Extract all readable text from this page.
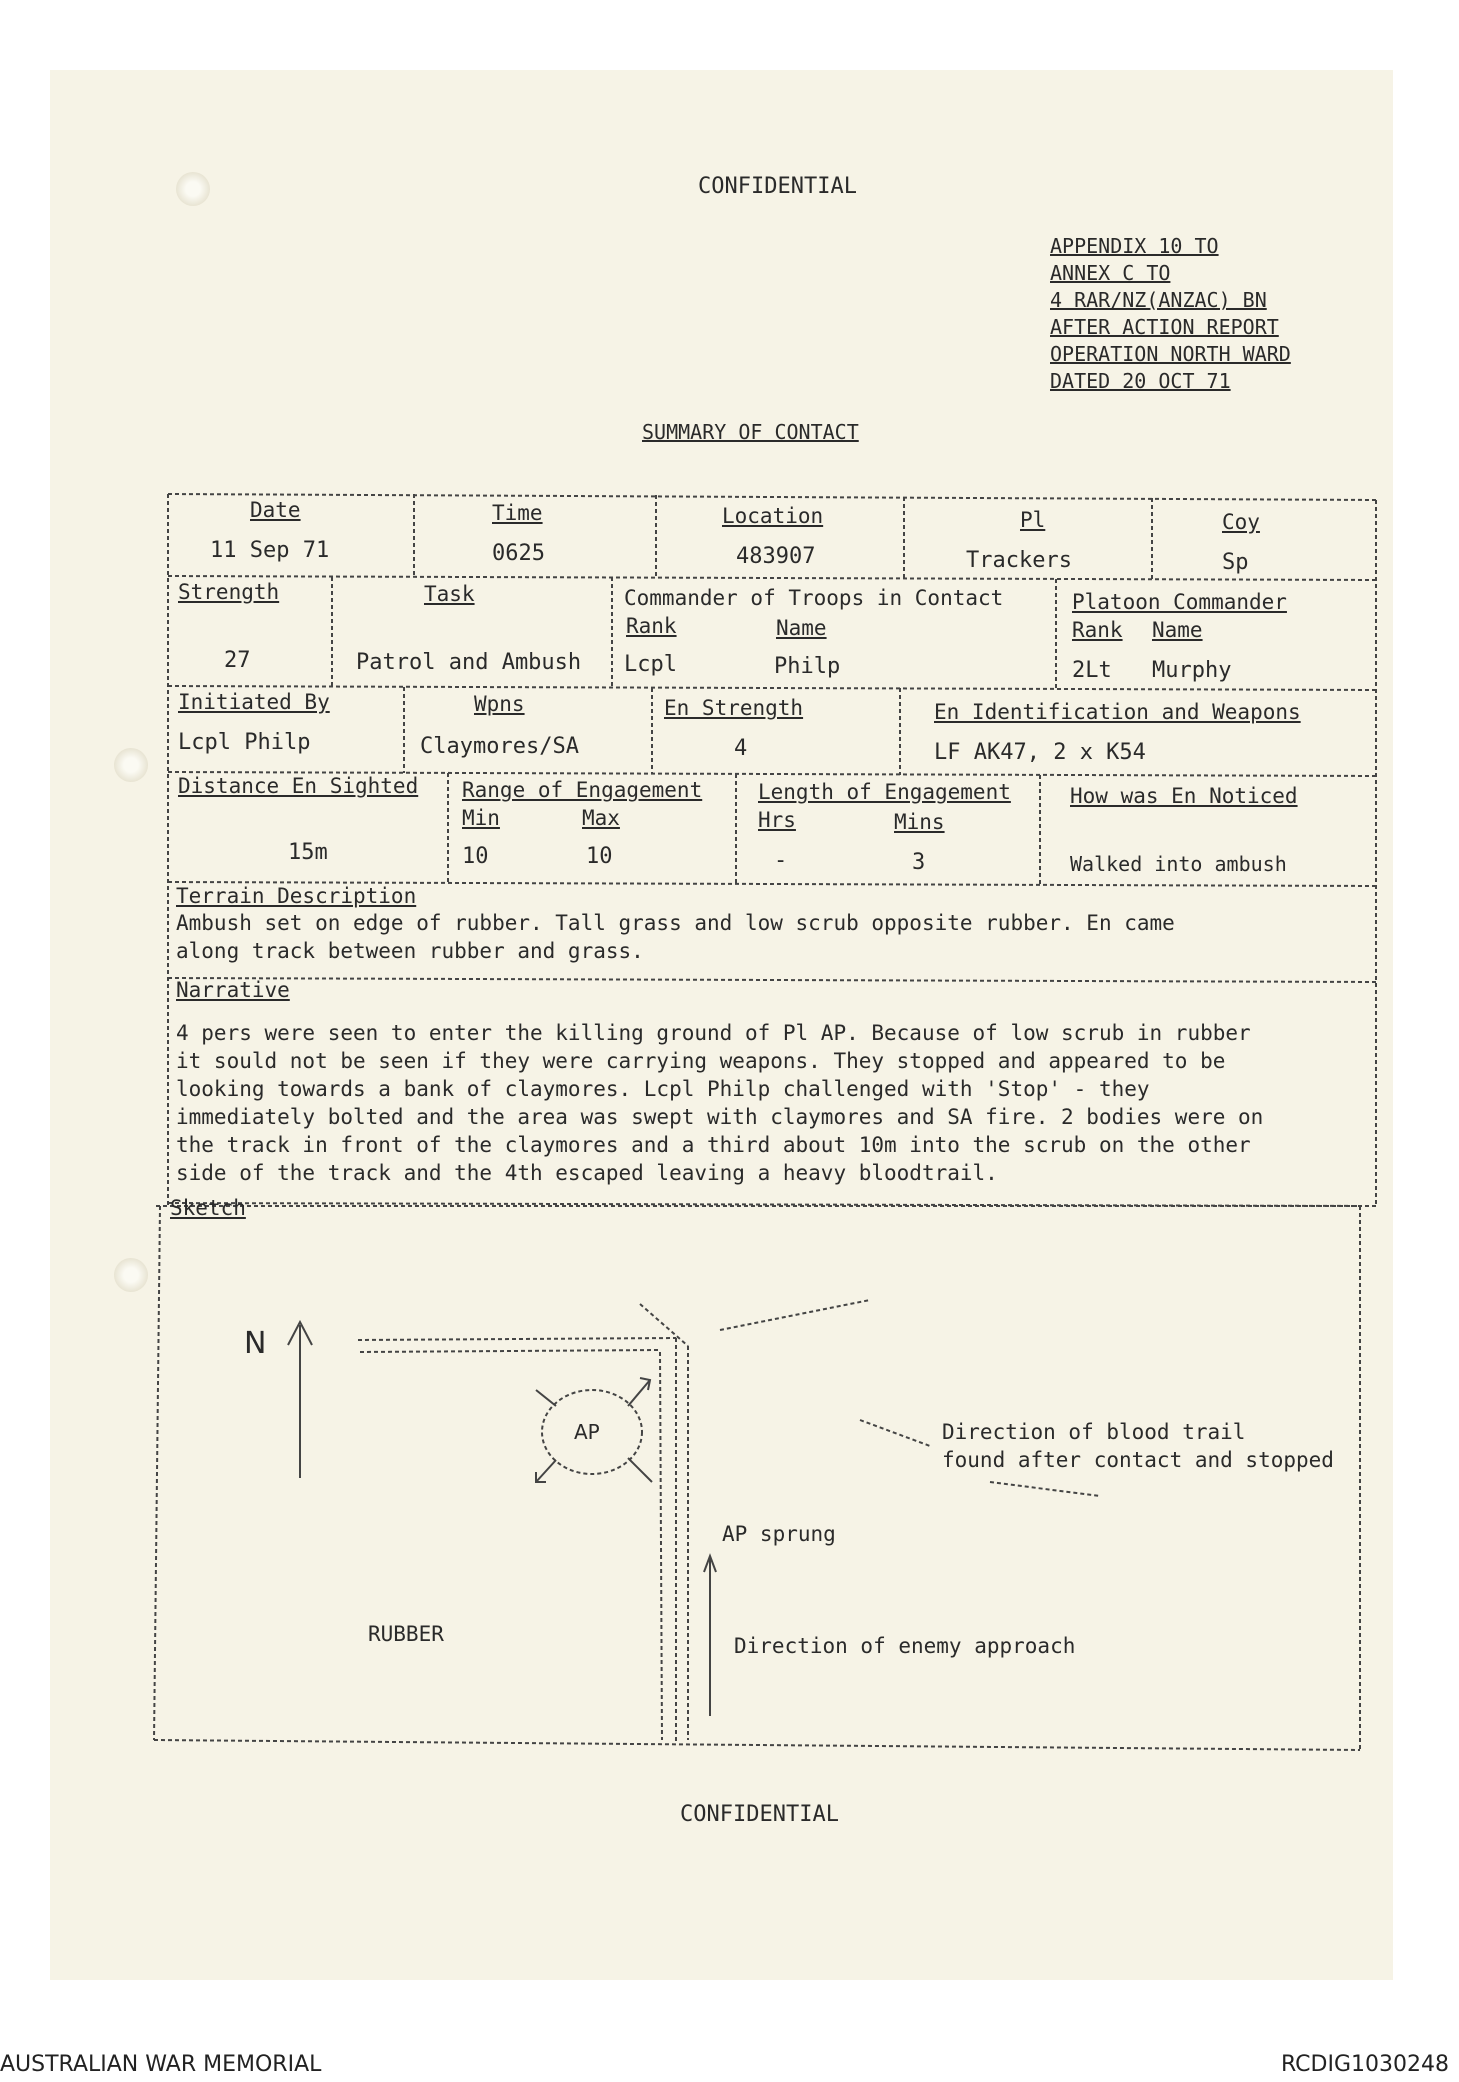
CONFIDENTIAL
APPENDIX 10 TO
ANNEX C TO
4 RAR/NZ(ANZAC) BN
AFTER ACTION REPORT
OPERATION NORTH WARD
DATED 20 OCT 71
SUMMARY OF CONTACT
Date
11 Sep 71
Time
0625
Location
483907
Pl
Trackers
Coy
Sp
Strength
27
Task
Patrol and Ambush
Commander of Troops in Contact
Rank	Name
Lcpl	Philp
Platoon Commander
Rank Name
2Lt Murphy
Initiated By
Lcpl Philp
Wpns
Claymores/SA
En Strength
4
En Identification and Weapons
LF AK47, 2 x K54
Distance En Sighted
15m
Range of Engagement
Min	Max
10	10
Length of Engagement
Hrs	Mins
-	3
How was En Noticed
Walked into ambush
Terrain Description
Ambush set on edge of rubber. Tall grass and low scrub opposite rubber. En came
along track between rubber and grass.
Narrative
4 pers were seen to enter the killing ground of Pl AP. Because of low scrub in rubber
it sould not be seen if they were carrying weapons. They stopped and appeared to be
looking towards a bank of claymores. Lcpl Philp challenged with 'Stop' - they
immediately bolted and the area was swept with claymores and SA fire. 2 bodies were on
the track in front of the claymores and a third about 10m into the scrub on the other
side of the track and the 4th escaped leaving a heavy bloodtrail.
Sketch
N
AP	Direction of blood trail
found after contact and stopped
AP sprung
RUBBER	Direction of enemy approach
CONFIDENTIAL
AUSTRALIAN WAR MEMORIAL	RCDIG1030248
